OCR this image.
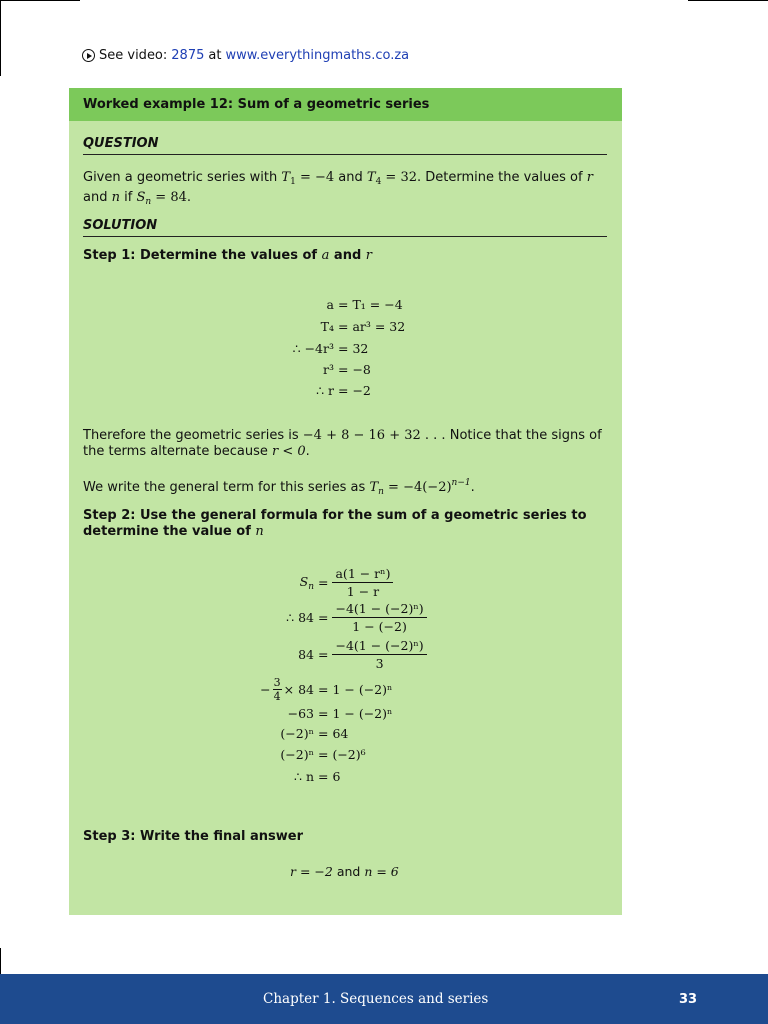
See video: 2875 at www.everythingmaths.co.za
Worked example 12: Sum of a geometric series
QUESTION
Given a geometric series with $T_1 = -4$ and $T_4 = 32$. Determine the values of r and n if $S_n = 84$.
SOLUTION
Step 1: Determine the values of a and r
a = T₁ = −4
T₄ = ar³ = 32
∴ −4r³ = 32
r³ = −8
∴ r = −2
Therefore the geometric series is −4 + 8 − 16 + 32 . . . Notice that the signs of the terms alternate because r < 0.
We write the general term for this series as $T_n = -4(-2)^{n-1}$.
Step 2: Use the general formula for the sum of a geometric series to determine the value of n
$S_n = \frac{\text{a(1 − rⁿ)}}{1 - r}$
∴ $84 = \frac{\text{−4(1 − (−2)ⁿ)}}{1 - (-2)}$
$84 = \frac{\text{−4(1 − (−2)ⁿ)}}{3}$
− $\frac{3}{4} \times 84 = 1 - (-2)^n$
−63 = 1 − (−2)ⁿ
(−2)ⁿ = 64
(−2)ⁿ = (−2)⁶
∴ n = 6
Step 3: Write the final answer
r = −2 and n = 6
Chapter 1. Sequences and series	33
